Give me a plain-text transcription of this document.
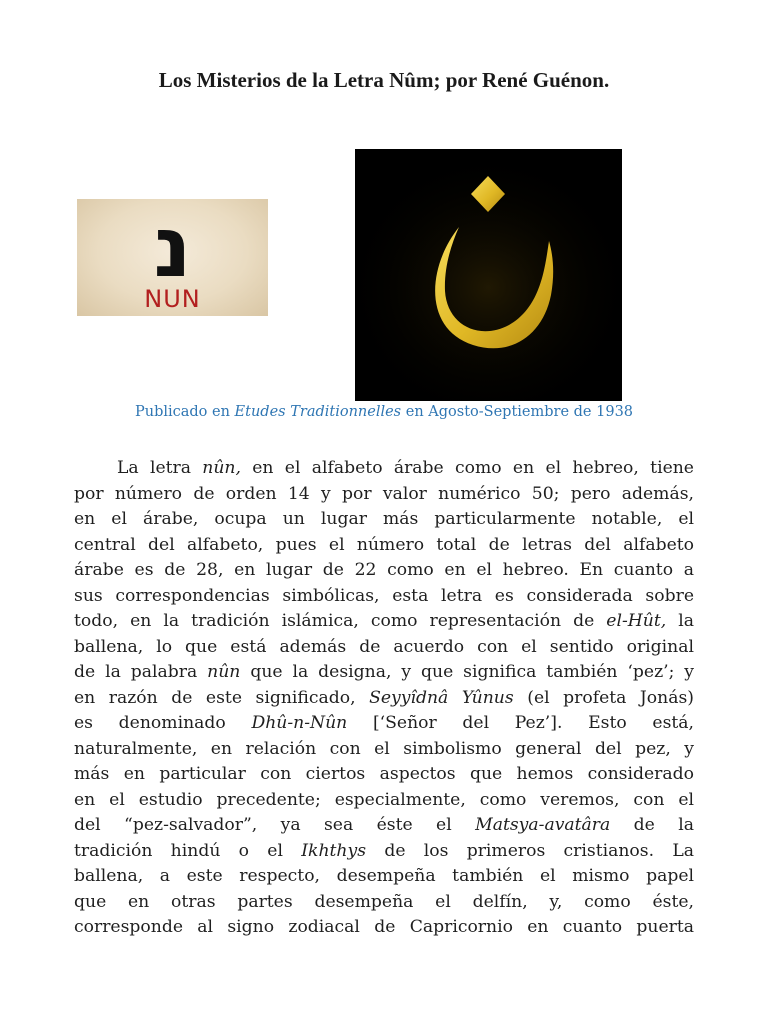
Los Misterios de la Letra Nûm; por René Guénon.
נ
NUN

Publicado en Etudes Traditionnelles en Agosto-Septiembre de 1938

La letra nûn, en el alfabeto árabe como en el hebreo, tiene
por número de orden 14 y por valor numérico 50; pero además,
en el árabe, ocupa un lugar más particularmente notable, el
central del alfabeto, pues el número total de letras del alfabeto
árabe es de 28, en lugar de 22 como en el hebreo. En cuanto a
sus correspondencias simbólicas, esta letra es considerada sobre
todo, en la tradición islámica, como representación de el-Hût, la
ballena, lo que está además de acuerdo con el sentido original
de la palabra nûn que la designa, y que significa también ‘pez’; y
en razón de este significado, Seyyîdnâ Yûnus (el profeta Jonás)
es denominado Dhû-n-Nûn [‘Señor del Pez’]. Esto está,
naturalmente, en relación con el simbolismo general del pez, y
más en particular con ciertos aspectos que hemos considerado
en el estudio precedente; especialmente, como veremos, con el
del “pez-salvador”, ya sea éste el Matsya-avatâra de la
tradición hindú o el Ikhthys de los primeros cristianos. La
ballena, a este respecto, desempeña también el mismo papel
que en otras partes desempeña el delfín, y, como éste,
corresponde al signo zodiacal de Capricornio en cuanto puerta
